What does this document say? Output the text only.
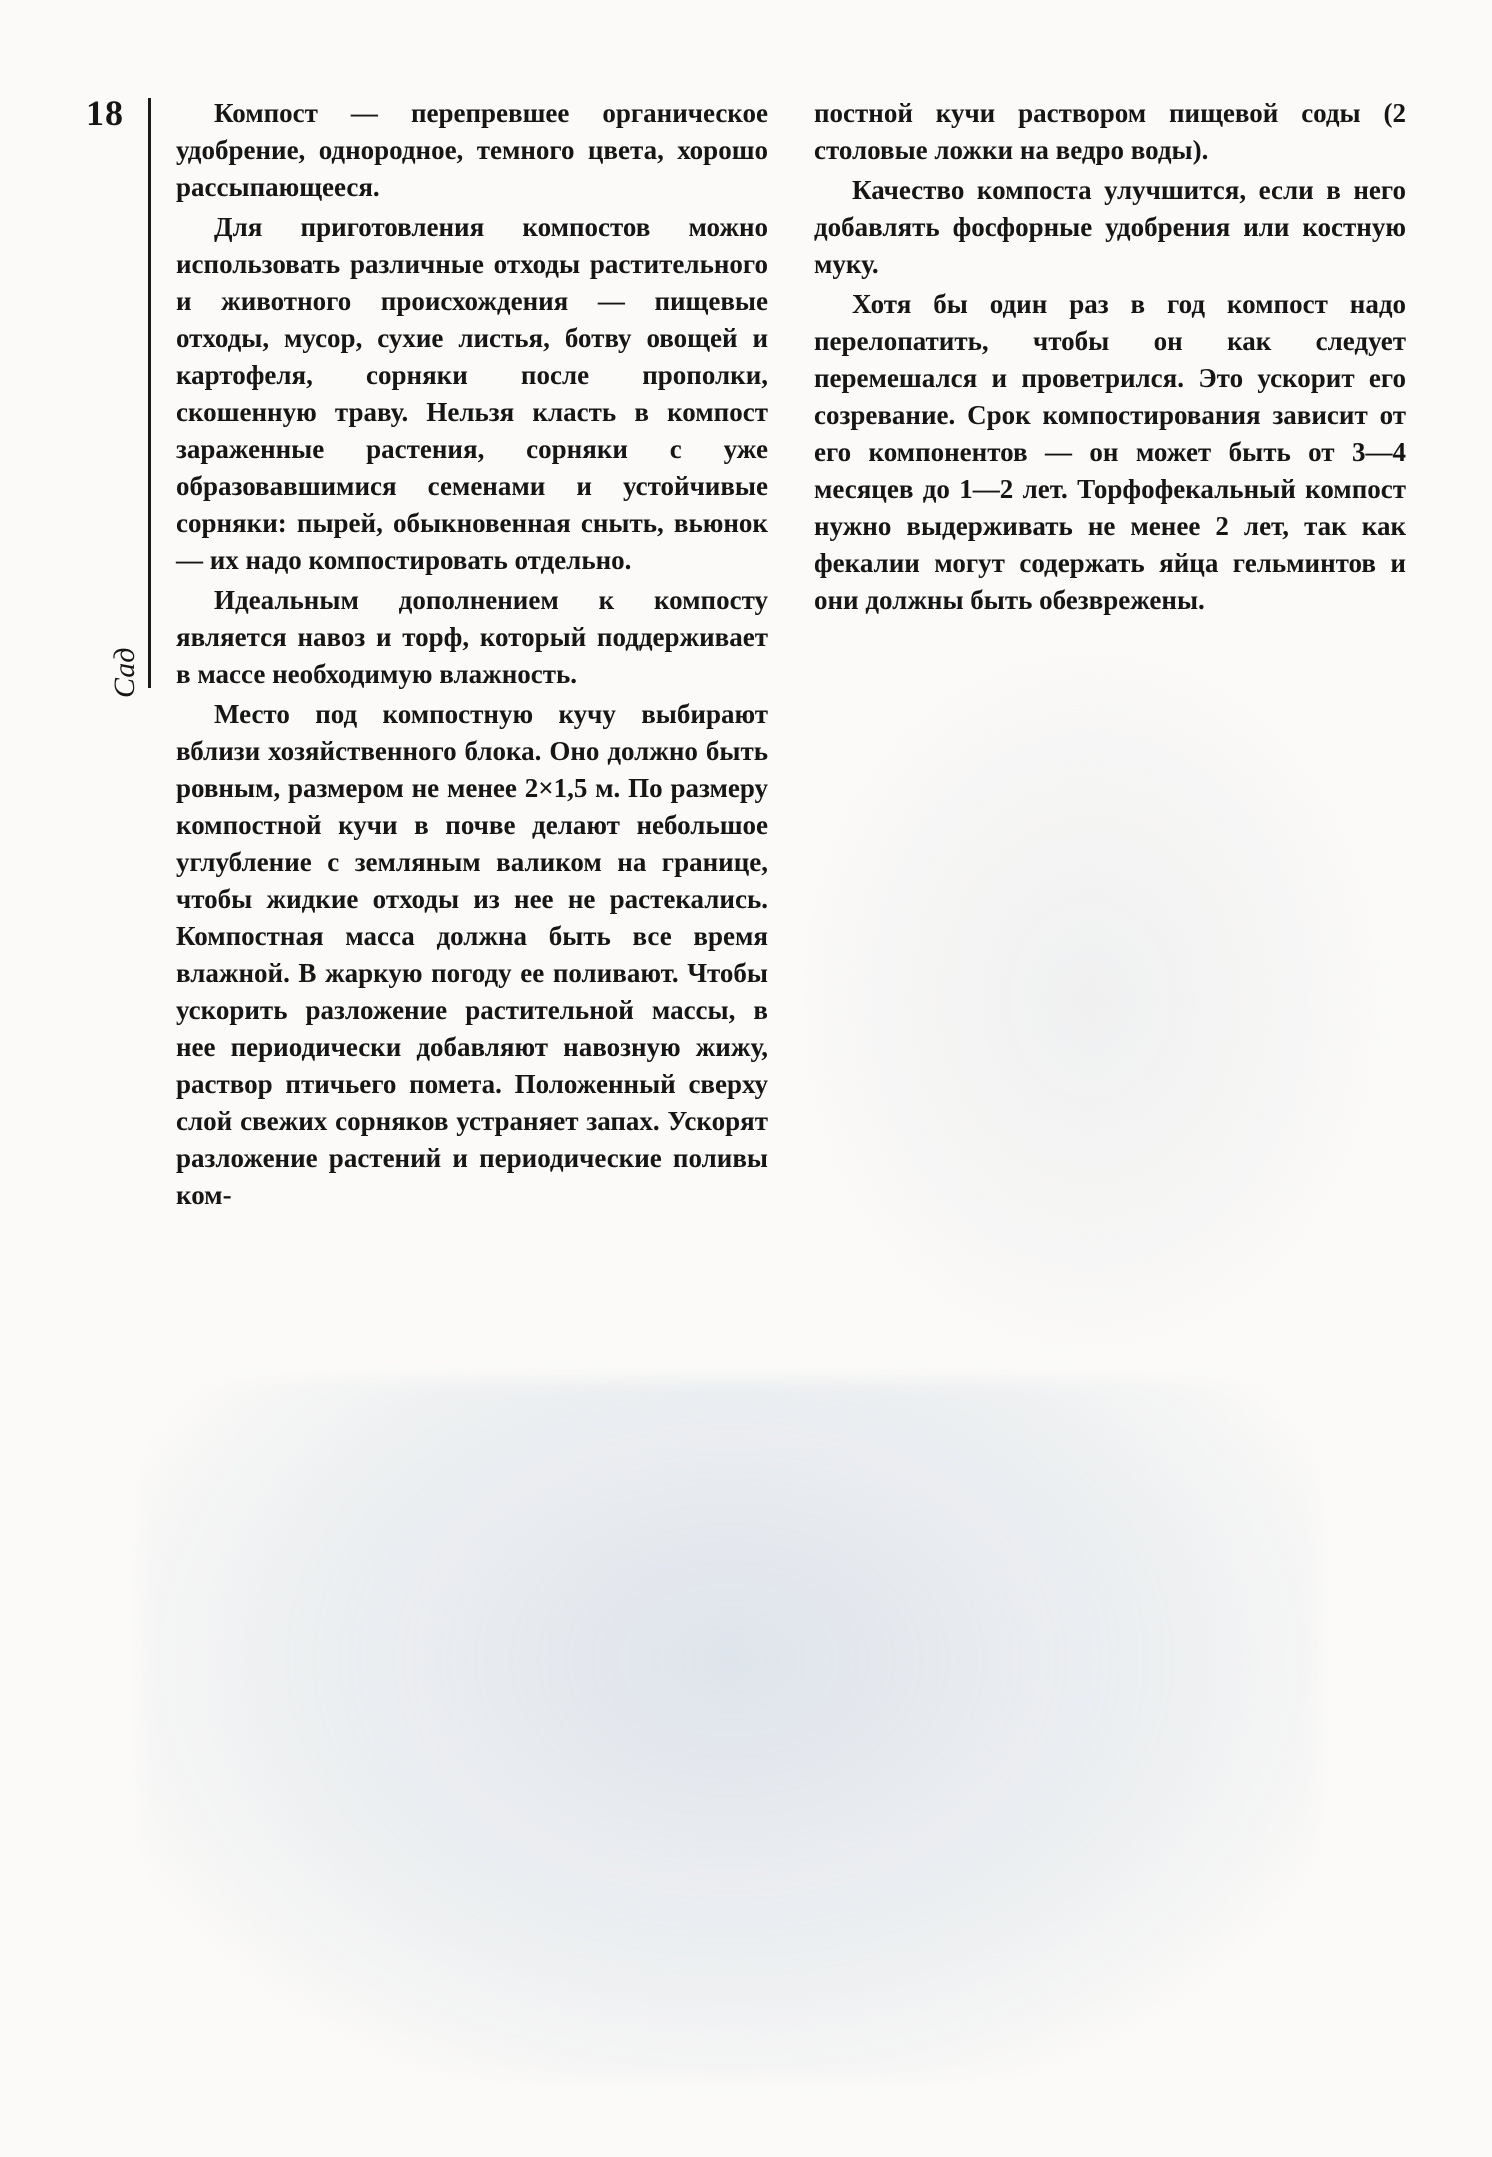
18
Сад

Компост — перепревшее органическое удобрение, однородное, темного цвета, хорошо рассыпающееся.

Для приготовления компостов можно использовать различные отходы растительного и животного происхождения — пищевые отходы, мусор, сухие листья, ботву овощей и картофеля, сорняки после прополки, скошенную траву. Нельзя класть в компост зараженные растения, сорняки с уже образовавшимися семенами и устойчивые сорняки: пырей, обыкновенная сныть, вьюнок — их надо компостировать отдельно.

Идеальным дополнением к компосту является навоз и торф, который поддерживает в массе необходимую влажность.

Место под компостную кучу выбирают вблизи хозяйственного блока. Оно должно быть ровным, размером не менее 2×1,5 м. По размеру компостной кучи в почве делают небольшое углубление с земляным валиком на границе, чтобы жидкие отходы из нее не растекались. Компостная масса должна быть все время влажной. В жаркую погоду ее поливают. Чтобы ускорить разложение растительной массы, в нее периодически добавляют навозную жижу, раствор птичьего помета. Положенный сверху слой свежих сорняков устраняет запах. Ускорят разложение растений и периодические поливы ком-

постной кучи раствором пищевой соды (2 столовые ложки на ведро воды).

Качество компоста улучшится, если в него добавлять фосфорные удобрения или костную муку.

Хотя бы один раз в год компост надо перелопатить, чтобы он как следует перемешался и проветрился. Это ускорит его созревание. Срок компостирования зависит от его компонентов — он может быть от 3—4 месяцев до 1—2 лет. Торфофекальный компост нужно выдерживать не менее 2 лет, так как фекалии могут содержать яйца гельминтов и они должны быть обезврежены.
